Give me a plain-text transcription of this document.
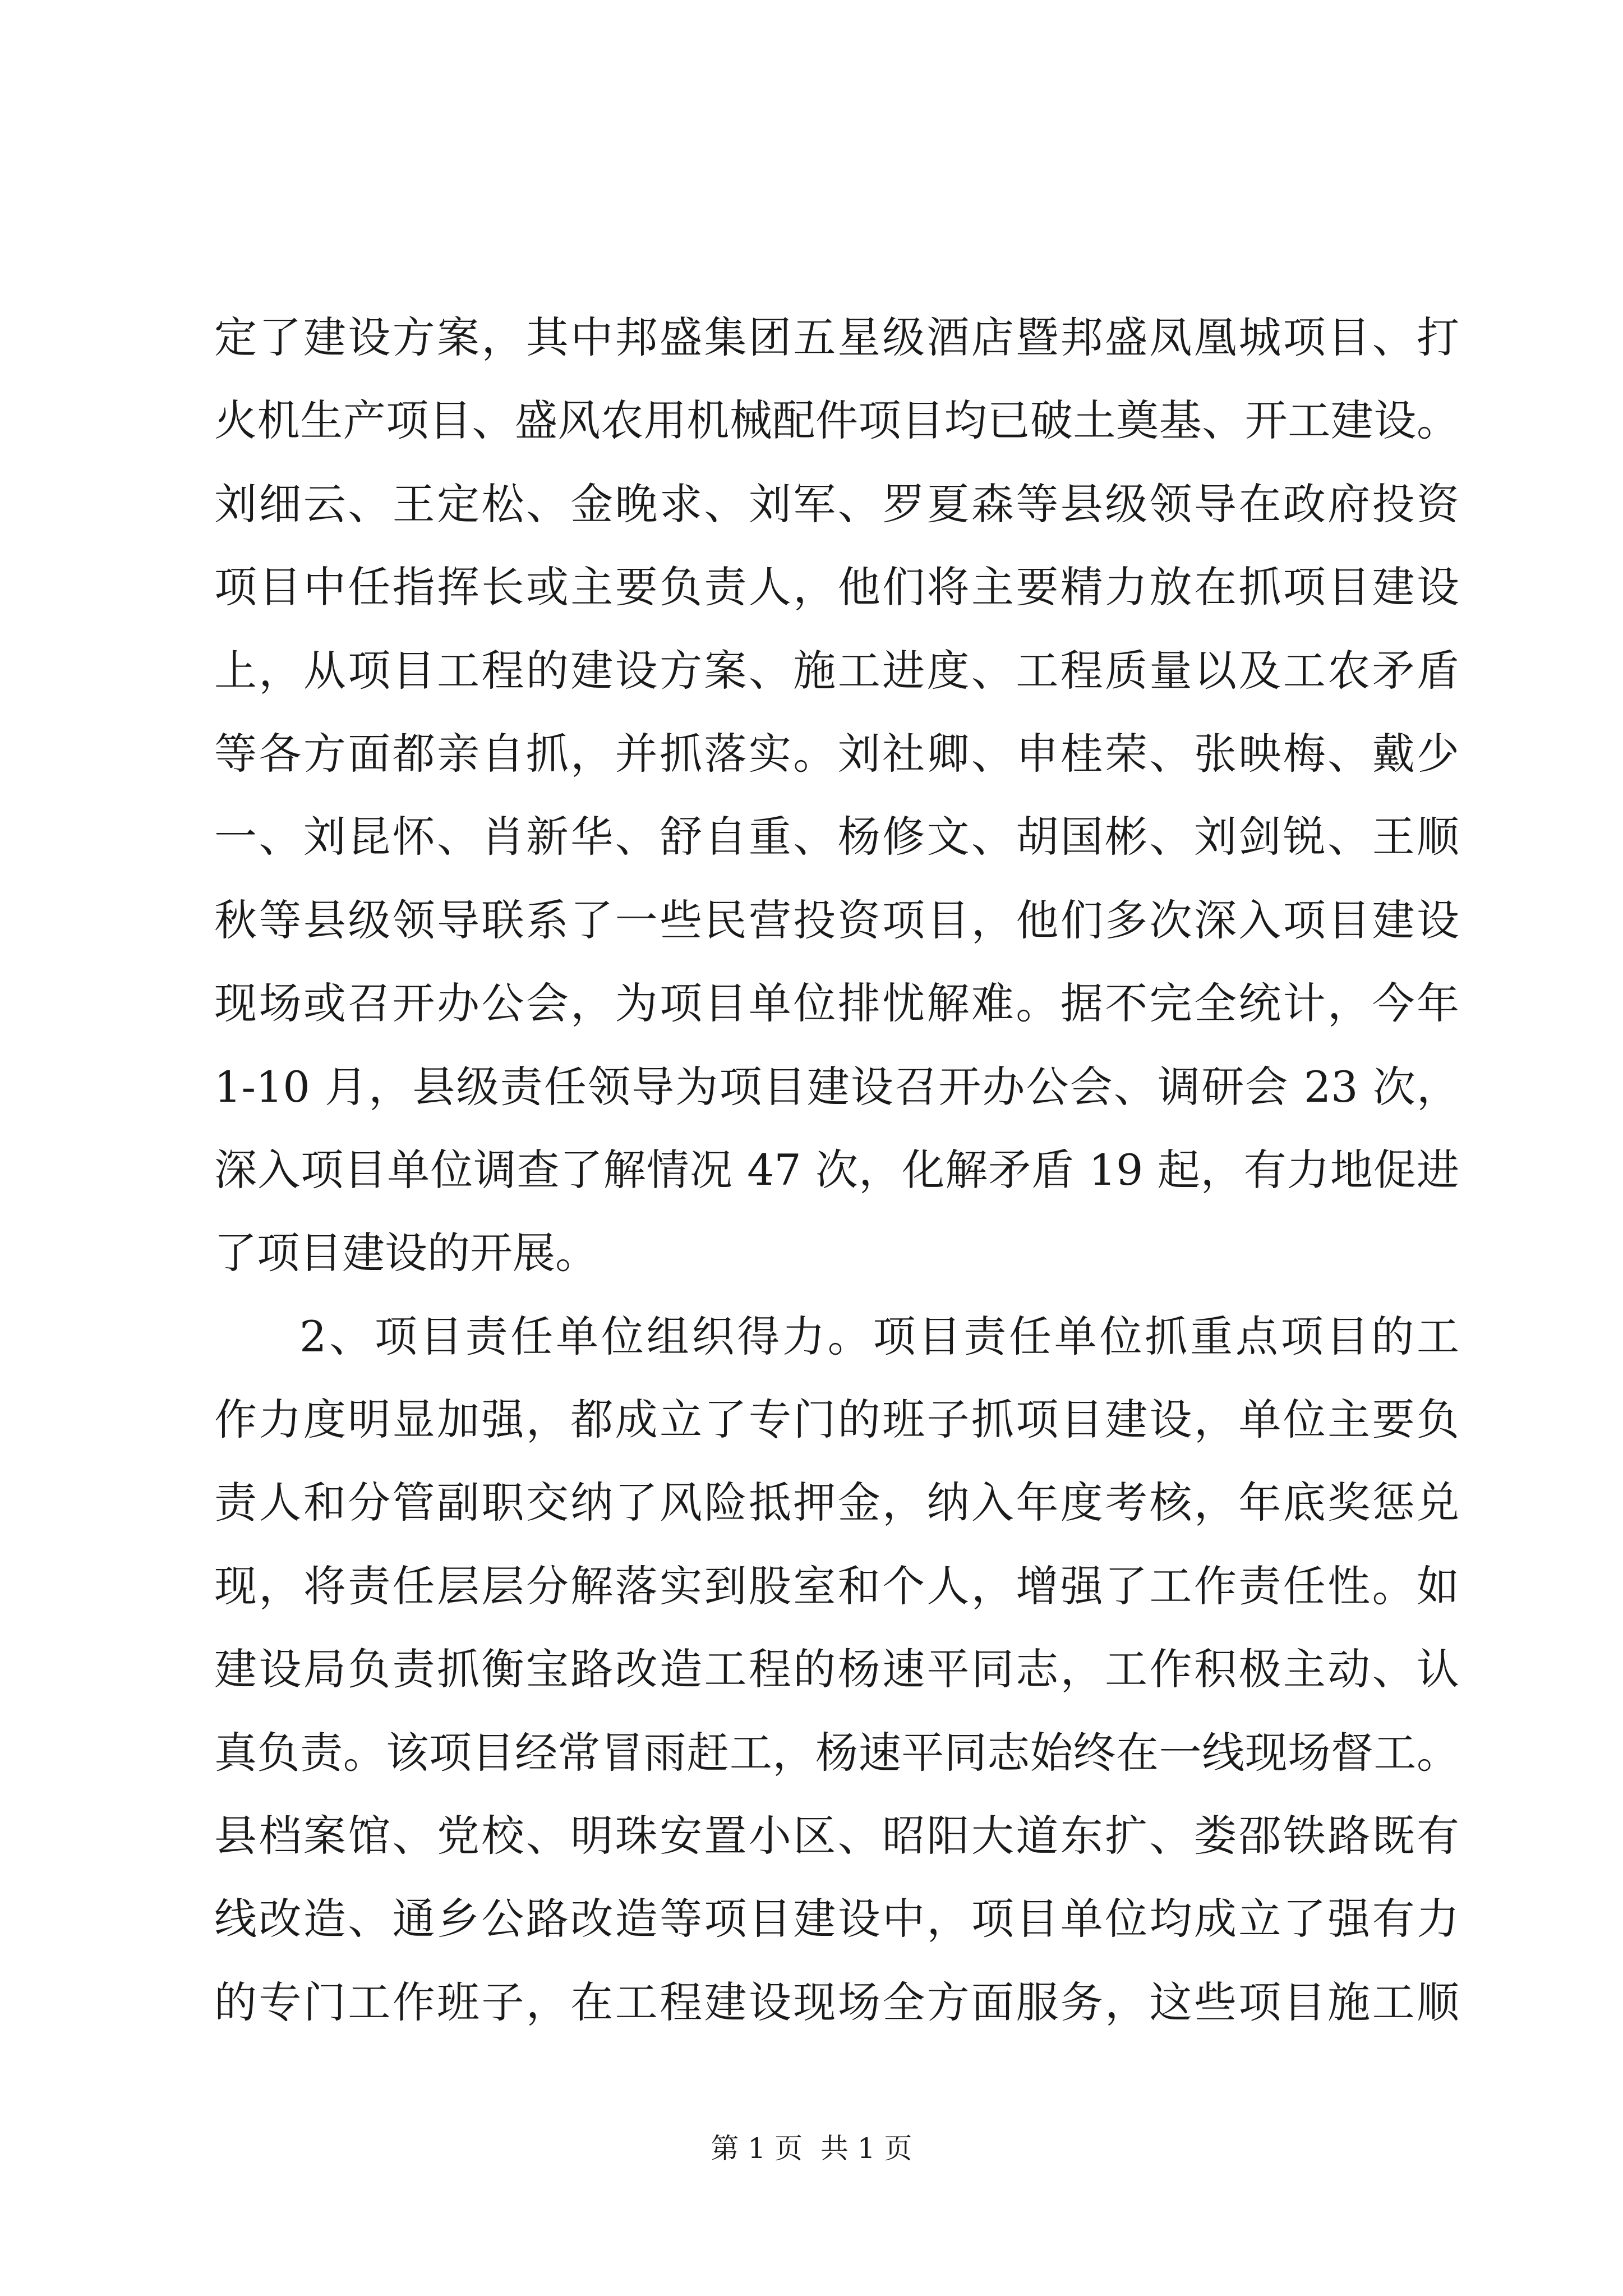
定了建设方案，其中邦盛集团五星级酒店暨邦盛凤凰城项目、打
火机生产项目、盛风农用机械配件项目均已破土奠基、开工建设。
刘细云、王定松、金晚求、刘军、罗夏森等县级领导在政府投资
项目中任指挥长或主要负责人，他们将主要精力放在抓项目建设
上，从项目工程的建设方案、施工进度、工程质量以及工农矛盾
等各方面都亲自抓，并抓落实。刘社卿、申桂荣、张映梅、戴少
一、刘昆怀、肖新华、舒自重、杨修文、胡国彬、刘剑锐、王顺
秋等县级领导联系了一些民营投资项目，他们多次深入项目建设
现场或召开办公会，为项目单位排忧解难。据不完全统计，今年
1-10 月，县级责任领导为项目建设召开办公会、调研会 23 次，
深入项目单位调查了解情况 47 次，化解矛盾 19 起，有力地促进
了项目建设的开展。
2、项目责任单位组织得力。项目责任单位抓重点项目的工
作力度明显加强，都成立了专门的班子抓项目建设，单位主要负
责人和分管副职交纳了风险抵押金，纳入年度考核，年底奖惩兑
现，将责任层层分解落实到股室和个人，增强了工作责任性。如
建设局负责抓衡宝路改造工程的杨速平同志，工作积极主动、认
真负责。该项目经常冒雨赶工，杨速平同志始终在一线现场督工。
县档案馆、党校、明珠安置小区、昭阳大道东扩、娄邵铁路既有
线改造、通乡公路改造等项目建设中，项目单位均成立了强有力
的专门工作班子，在工程建设现场全方面服务，这些项目施工顺
第 1 页  共 1 页
